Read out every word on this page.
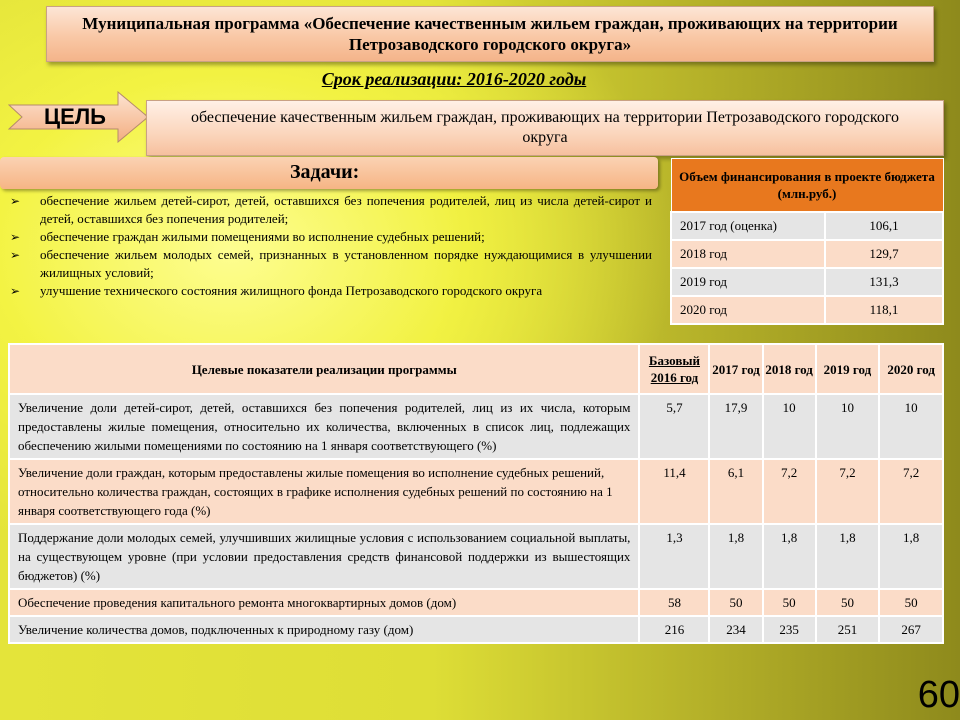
Муниципальная программа «Обеспечение качественным жильем граждан, проживающих на территории Петрозаводского городского округа»
Срок реализации: 2016-2020 годы
ЦЕЛЬ	обеспечение качественным жильем граждан, проживающих на территории Петрозаводского городского округа
Задачи:
➢ обеспечение жильем детей-сирот, детей, оставшихся без попечения родителей, лиц из числа детей-сирот и детей, оставшихся без попечения родителей;
➢ обеспечение граждан жилыми помещениями во исполнение судебных решений;
➢ обеспечение жильем молодых семей, признанных в установленном порядке нуждающимися в улучшении жилищных условий;
➢ улучшение технического состояния жилищного фонда Петрозаводского городского округа
Объем финансирования в проекте бюджета (млн.руб.)	
2017 год (оценка)	106,1
2018 год	129,7
2019 год	131,3
2020 год	118,1
Целевые показатели реализации программы	Базовый 2016 год	2017 год	2018 год	2019 год	2020 год
Увеличение доли детей-сирот, детей, оставшихся без попечения родителей, лиц из их числа, которым предоставлены жилые помещения, относительно их количества, включенных в список лиц, подлежащих обеспечению жилыми помещениями по состоянию на 1 января соответствующего (%)	5,7	17,9	10	10	10
Увеличение доли граждан, которым предоставлены жилые помещения во исполнение судебных решений, относительно количества граждан, состоящих в графике исполнения судебных решений по состоянию на 1 января соответствующего года (%)	11,4	6,1	7,2	7,2	7,2
Поддержание доли молодых семей, улучшивших жилищные условия с использованием социальной выплаты, на существующем уровне (при условии предоставления средств финансовой поддержки из вышестоящих бюджетов) (%)	1,3	1,8	1,8	1,8	1,8
Обеспечение проведения капитального ремонта многоквартирных домов (дом)	58	50	50	50	50
Увеличение количества домов, подключенных к природному газу (дом)	216	234	235	251	267
60
